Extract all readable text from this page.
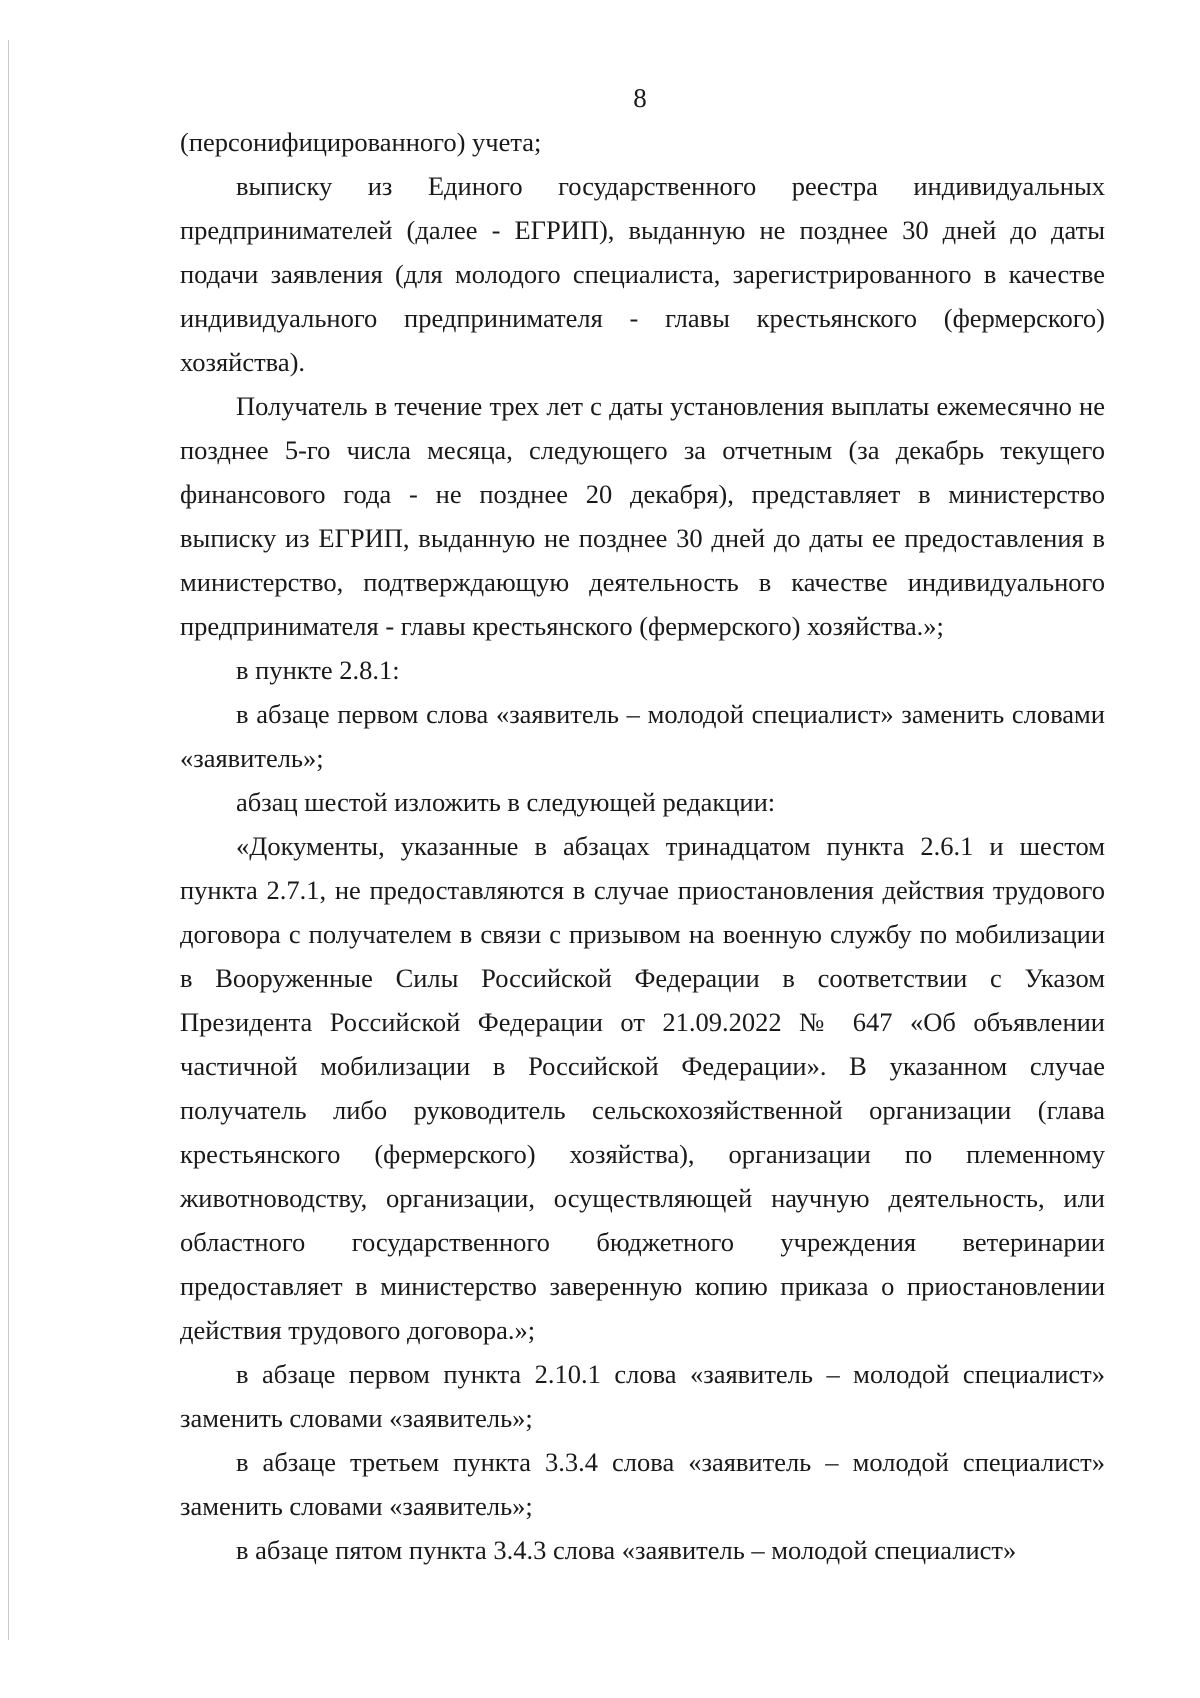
8

(персонифицированного) учета;

выписку из Единого государственного реестра индивидуальных предпринимателей (далее - ЕГРИП), выданную не позднее 30 дней до даты подачи заявления (для молодого специалиста, зарегистрированного в качестве индивидуального предпринимателя - главы крестьянского (фермерского) хозяйства).

Получатель в течение трех лет с даты установления выплаты ежемесячно не позднее 5-го числа месяца, следующего за отчетным (за декабрь текущего финансового года - не позднее 20 декабря), представляет в министерство выписку из ЕГРИП, выданную не позднее 30 дней до даты ее предоставления в министерство, подтверждающую деятельность в качестве индивидуального предпринимателя - главы крестьянского (фермерского) хозяйства.»;

в пункте 2.8.1:

в абзаце первом слова «заявитель – молодой специалист» заменить словами «заявитель»;

абзац шестой изложить в следующей редакции:

«Документы, указанные в абзацах тринадцатом пункта 2.6.1 и шестом пункта 2.7.1, не предоставляются в случае приостановления действия трудового договора с получателем в связи с призывом на военную службу по мобилизации в Вооруженные Силы Российской Федерации в соответствии с Указом Президента Российской Федерации от 21.09.2022 № 647 «Об объявлении частичной мобилизации в Российской Федерации». В указанном случае получатель либо руководитель сельскохозяйственной организации (глава крестьянского (фермерского) хозяйства), организации по племенному животноводству, организации, осуществляющей научную деятельность, или областного государственного бюджетного учреждения ветеринарии предоставляет в министерство заверенную копию приказа о приостановлении действия трудового договора.»;

в абзаце первом пункта 2.10.1 слова «заявитель – молодой специалист» заменить словами «заявитель»;

в абзаце третьем пункта 3.3.4 слова «заявитель – молодой специалист» заменить словами «заявитель»;

в абзаце пятом пункта 3.4.3 слова «заявитель – молодой специалист»
